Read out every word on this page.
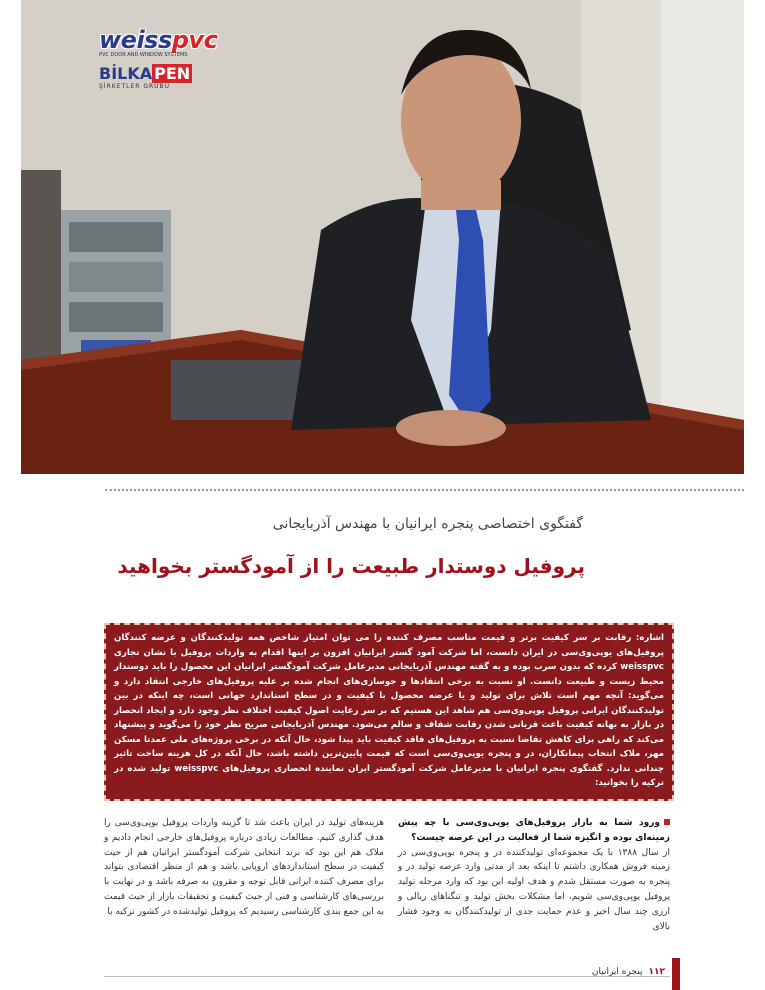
weisspvc
PVC DOOR AND WINDOW SYSTEMS
BİLKA PEN
ŞİRKETLER GRUBU
گفتگوی اختصاصی پنجره ایرانیان با مهندس آذربایجانی
پروفیل دوستدار طبیعت را از آمودگستر بخواهید
اشاره: رقابت بر سر کیفیت برتر و قیمت مناسب مصرف کننده را می توان امتیاز شاخص همه تولیدکنندگان و عرضه کنندگان پروفیل‌های یوپی‌وی‌سی در ایران دانست، اما شرکت آمود گستر ایرانیان افزون بر اینها اقدام به واردات پروفیل با نشان تجاری weisspvc کرده که بدون سرب بوده و به گفته مهندس آذربایجانی مدیرعامل شرکت آمودگستر ایرانیان این محصول را باید دوستدار محیط زیست و طبیعت دانست. او نسبت به برخی انتقادها و جوسازی‌های انجام شده بر علیه پروفیل‌های خارجی انتقاد دارد و می‌گوید: آنچه مهم است تلاش برای تولید و یا عرضه محصول با کیفیت و در سطح استاندارد جهانی است، چه اینکه در بین تولیدکنندگان ایرانی پروفیل یوپی‌وی‌سی هم شاهد این هستیم که بر سر رعایت اصول کیفیت اختلاف نظر وجود دارد و ایجاد انحصار در بازار به بهانه کیفیت باعث قربانی شدن رقابت شفاف و سالم می‌شود. مهندس آذربایجانی صریح نظر خود را می‌گوید و پیشنهاد می‌کند که راهی برای کاهش تقاضا نسبت به پروفیل‌های فاقد کیفیت باید پیدا شود، حال آنکه در برخی پروژه‌های ملی عمدتا مسکن مهر، ملاک انتخاب پیمانکاران، در و پنجره یوپی‌وی‌سی است که قیمت پایین‌ترین داشته باشد، حال آنکه در کل هزینه ساخت تاثیر چندانی ندارد. گفتگوی پنجره ایرانیان با مدیرعامل شرکت آمودگستر ایران نماینده انحصاری پروفیل‌های weisspvc تولید شده در ترکیه را بخوانید:
ورود شما به بازار پروفیل‌های یوپی‌وی‌سی با چه پیش زمینه‌ای بوده و انگیزه شما از فعالیت در این عرصه چیست؟
از سال ۱۳۸۸ با یک مجموعه‌ای تولیدکننده در و پنجره یوپی‌وی‌سی در زمینه فروش همکاری داشتم تا اینکه بعد از مدتی وارد عرصه تولید در و پنجره به صورت مستقل شدم و هدف اولیه این بود که وارد مرحله تولید پروفیل یوپی‌وی‌سی شویم، اما مشکلات بخش تولید و تنگناهای ریالی و ارزی چند سال اخیر و عدم حمایت جدی از تولیدکنندگان به وجود فشار بالای
هزینه‌های تولید در ایران باعث شد تا گزینه واردات پروفیل یوپی‌وی‌سی را هدف گذاری کنیم. مطالعات زیادی درباره پروفیل‌های خارجی انجام دادیم و ملاک هم این بود که برند انتخابی شرکت آمودگستر ایرانیان هم از حیث کیفیت در سطح استانداردهای اروپایی باشد و هم از منظر اقتصادی بتواند برای مصرف کننده ایرانی قابل توجه و مقرون به صرفه باشد و در نهایت با بررسی‌های کارشناسی و فنی از حیث کیفیت و تحقیقات بازار از حیث قیمت به این جمع بندی کارشناسی رسیدیم که پروفیل تولیدشده در کشور ترکیه با
۱۱۲پنجره ایرانیان
